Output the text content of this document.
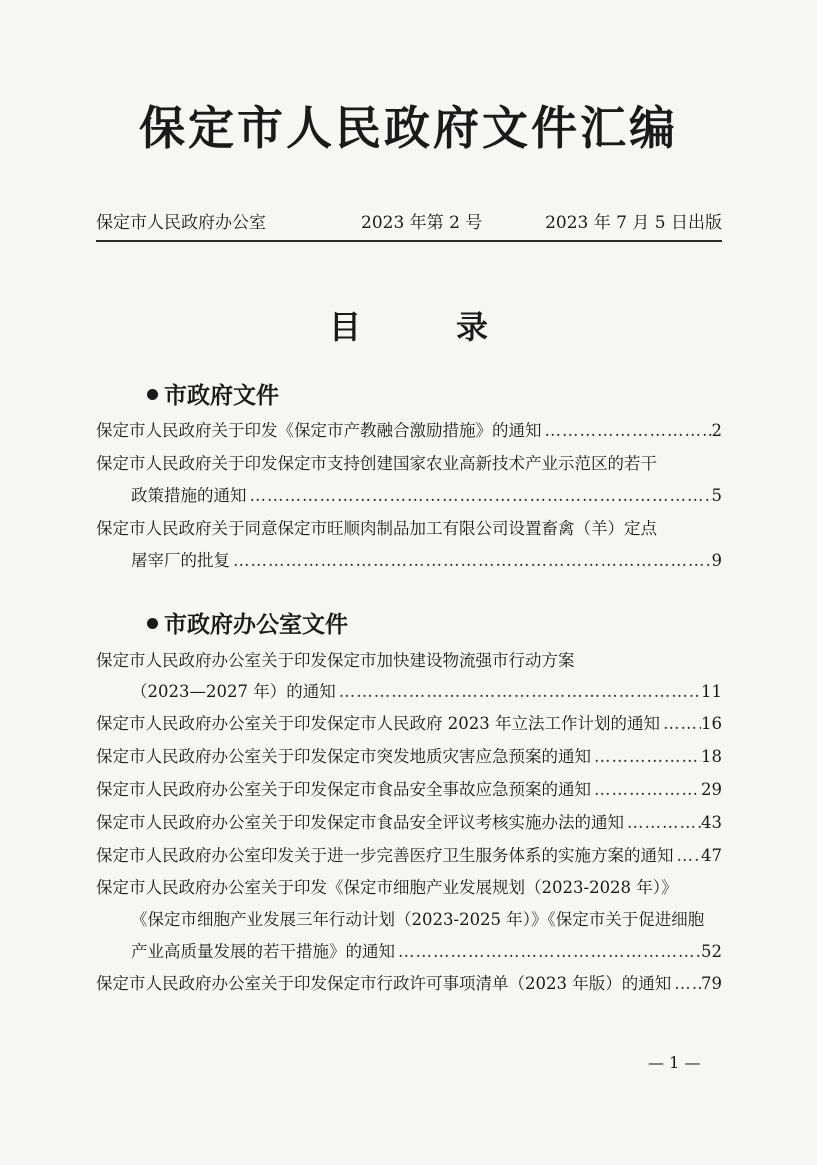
保定市人民政府文件汇编
保定市人民政府办公室	2023 年第 2 号	2023 年 7 月 5 日出版
目录
市政府文件
保定市人民政府关于印发《保定市产教融合激励措施》的通知 …………………………………………………………………………………………………………………………………………………………	2
保定市人民政府关于印发保定市支持创建国家农业高新技术产业示范区的若干
政策措施的通知 …………………………………………………………………………………………………………………………………………………………	5
保定市人民政府关于同意保定市旺顺肉制品加工有限公司设置畜禽（羊）定点
屠宰厂的批复 …………………………………………………………………………………………………………………………………………………………	9
市政府办公室文件
保定市人民政府办公室关于印发保定市加快建设物流强市行动方案
（2023—2027 年）的通知 …………………………………………………………………………………………………………………………………………………………	11
保定市人民政府办公室关于印发保定市人民政府 2023 年立法工作计划的通知 ………………………………………………………………………………………………………………………………………………………… 16
保定市人民政府办公室关于印发保定市突发地质灾害应急预案的通知 …………………………………………………………………………………………………………………………………………………………	18
保定市人民政府办公室关于印发保定市食品安全事故应急预案的通知 …………………………………………………………………………………………………………………………………………………………	29
保定市人民政府办公室关于印发保定市食品安全评议考核实施办法的通知 …………………………………………………………………………………………………………………………………………………………	43
保定市人民政府办公室印发关于进一步完善医疗卫生服务体系的实施方案的通知 ………………………………………………………………………………………………………………………………………………………… 47
保定市人民政府办公室关于印发《保定市细胞产业发展规划（2023-2028 年）》
《保定市细胞产业发展三年行动计划（2023-2025 年）》《保定市关于促进细胞
产业高质量发展的若干措施》的通知 …………………………………………………………………………………………………………………………………………………………	52
保定市人民政府办公室关于印发保定市行政许可事项清单（2023 年版）的通知 ………………………………………………………………………………………………………………………………………………………… 79
— 1 —
